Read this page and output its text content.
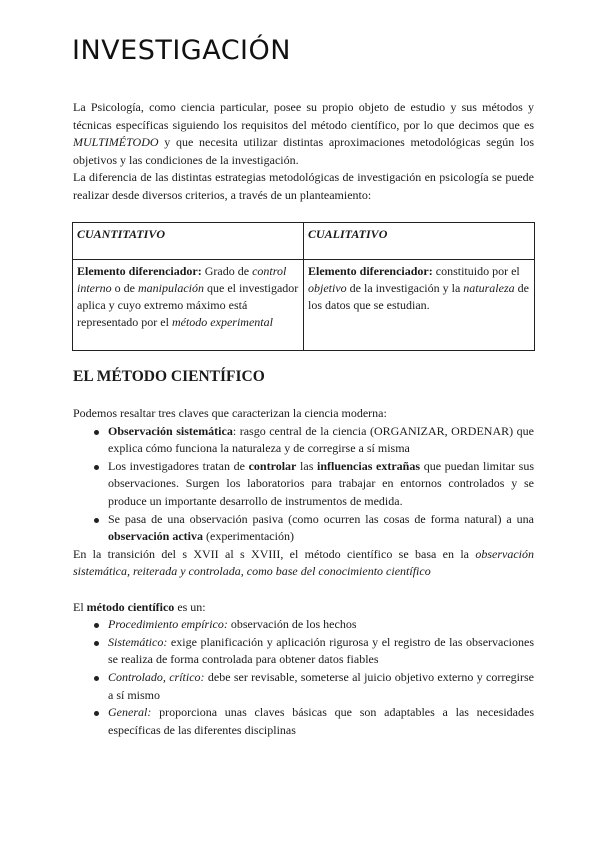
INVESTIGACIÓN

La Psicología, como ciencia particular, posee su propio objeto de estudio y sus métodos y técnicas específicas siguiendo los requisitos del método científico, por lo que decimos que es MULTIMÉTODO y que necesita utilizar distintas aproximaciones metodológicas según los objetivos y las condiciones de la investigación.

La diferencia de las distintas estrategias metodológicas de investigación en psicología se puede realizar desde diversos criterios, a través de un planteamiento:

CUANTITATIVO	CUALITATIVO
Elemento diferenciador: Grado de control interno o de manipulación que el investigador aplica y cuyo extremo máximo está representado por el método experimental	Elemento diferenciador: constituido por el objetivo de la investigación y la naturaleza de los datos que se estudian.
EL MÉTODO CIENTÍFICO

Podemos resaltar tres claves que caracterizan la ciencia moderna:

Observación sistemática: rasgo central de la ciencia (ORGANIZAR, ORDENAR) que explica cómo funciona la naturaleza y de corregirse a sí misma
Los investigadores tratan de controlar las influencias extrañas que puedan limitar sus observaciones. Surgen los laboratorios para trabajar en entornos controlados y se produce un importante desarrollo de instrumentos de medida.
Se pasa de una observación pasiva (como ocurren las cosas de forma natural) a una observación activa (experimentación)

En la transición del s XVII al s XVIII, el método científico se basa en la observación sistemática, reiterada y controlada, como base del conocimiento científico

El método científico es un:

Procedimiento empírico: observación de los hechos
Sistemático: exige planificación y aplicación rigurosa y el registro de las observaciones se realiza de forma controlada para obtener datos fiables
Controlado, crítico: debe ser revisable, someterse al juicio objetivo externo y corregirse a sí mismo
General: proporciona unas claves básicas que son adaptables a las necesidades específicas de las diferentes disciplinas
